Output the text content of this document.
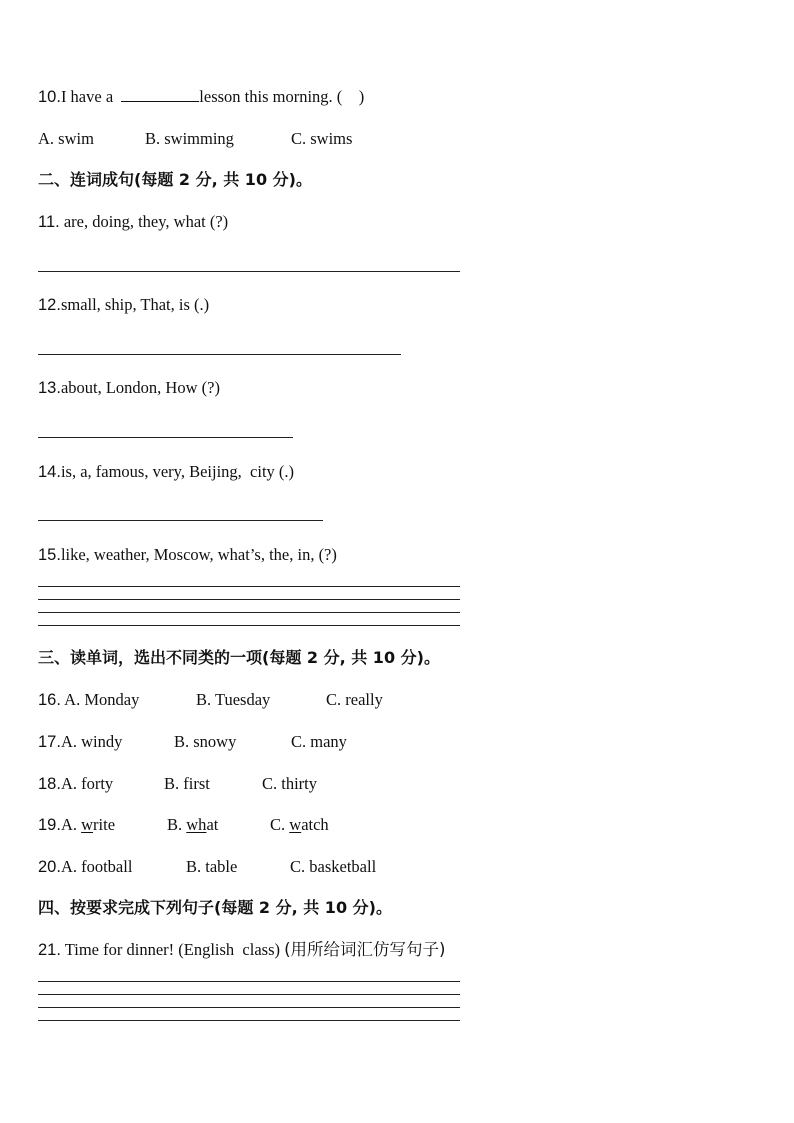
10.I have a	lesson this morning. (    )
A. swim	B. swimming	C. swims
二、连词成句(每题 2 分, 共 10 分)。
11. are, doing, they, what (?)
12.small, ship, That, is (.)
13.about, London, How (?)
14.is, a, famous, very, Beijing,  city (.)
15.like, weather, Moscow, what’s, the, in, (?)
三、读单词，选出不同类的一项(每题 2 分, 共 10 分)。
16. A. Monday	B. Tuesday	C. really
17.A. windy	B. snowy	C. many
18.A. forty	B. first	C. thirty
19.A. write	B. what	C. watch
20.A. football	B. table	C. basketball
四、按要求完成下列句子(每题 2 分, 共 10 分)。
21. Time for dinner! (English  class) (用所给词汇仿写句子)
